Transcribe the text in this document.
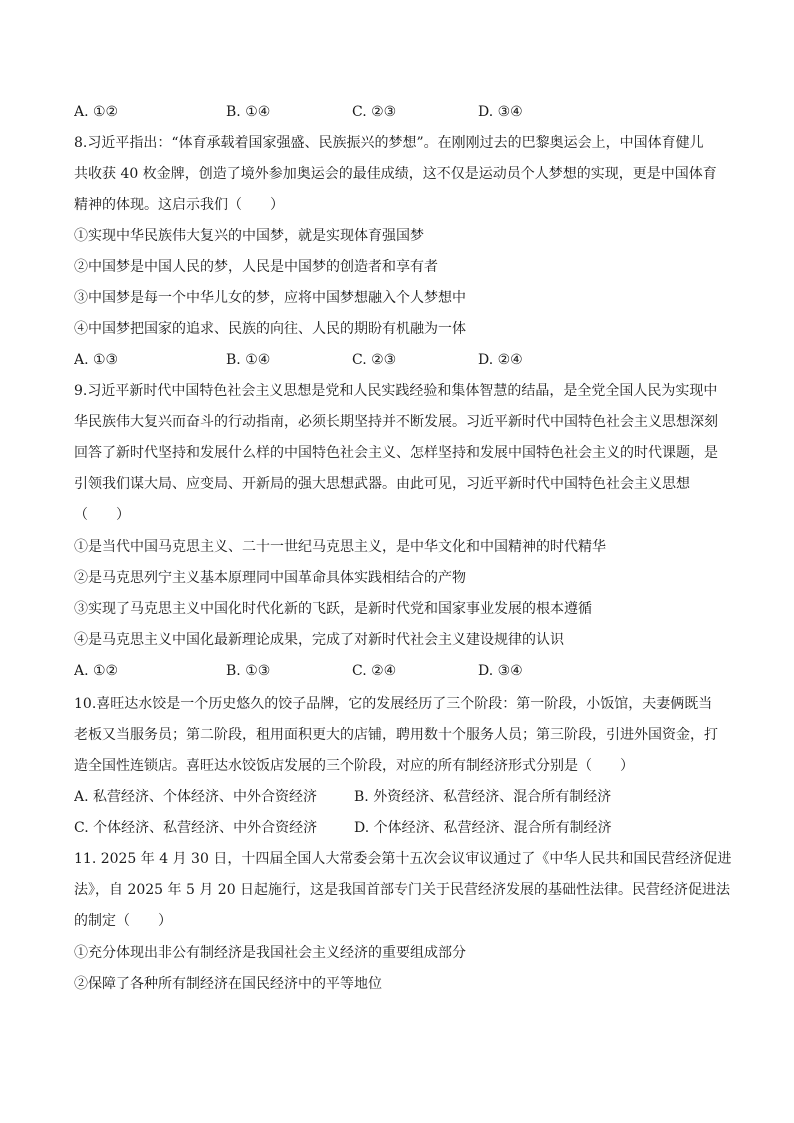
A. ①②	B. ①④	C. ②③	D. ③④
8.习近平指出：“体育承载着国家强盛、民族振兴的梦想”。在刚刚过去的巴黎奥运会上，中国体育健儿
共收获 40 枚金牌，创造了境外参加奥运会的最佳成绩，这不仅是运动员个人梦想的实现，更是中国体育
精神的体现。这启示我们（　　）
①实现中华民族伟大复兴的中国梦，就是实现体育强国梦
②中国梦是中国人民的梦，人民是中国梦的创造者和享有者
③中国梦是每一个中华儿女的梦，应将中国梦想融入个人梦想中
④中国梦把国家的追求、民族的向往、人民的期盼有机融为一体
A. ①③	B. ①④	C. ②③	D. ②④
9.习近平新时代中国特色社会主义思想是党和人民实践经验和集体智慧的结晶，是全党全国人民为实现中
华民族伟大复兴而奋斗的行动指南，必须长期坚持并不断发展。习近平新时代中国特色社会主义思想深刻
回答了新时代坚持和发展什么样的中国特色社会主义、怎样坚持和发展中国特色社会主义的时代课题，是
引领我们谋大局、应变局、开新局的强大思想武器。由此可见，习近平新时代中国特色社会主义思想
（　　）
①是当代中国马克思主义、二十一世纪马克思主义，是中华文化和中国精神的时代精华
②是马克思列宁主义基本原理同中国革命具体实践相结合的产物
③实现了马克思主义中国化时代化新的飞跃，是新时代党和国家事业发展的根本遵循
④是马克思主义中国化最新理论成果，完成了对新时代社会主义建设规律的认识
A. ①②	B. ①③	C. ②④	D. ③④
10.喜旺达水饺是一个历史悠久的饺子品牌，它的发展经历了三个阶段：第一阶段，小饭馆，夫妻俩既当
老板又当服务员；第二阶段，租用面积更大的店铺，聘用数十个服务人员；第三阶段，引进外国资金，打
造全国性连锁店。喜旺达水饺饭店发展的三个阶段，对应的所有制经济形式分别是（　　）
A. 私营经济、个体经济、中外合资经济	B. 外资经济、私营经济、混合所有制经济
C. 个体经济、私营经济、中外合资经济	D. 个体经济、私营经济、混合所有制经济
11. 2025 年 4 月 30 日，十四届全国人大常委会第十五次会议审议通过了《中华人民共和国民营经济促进
法》，自 2025 年 5 月 20 日起施行，这是我国首部专门关于民营经济发展的基础性法律。民营经济促进法
的制定（　　）
①充分体现出非公有制经济是我国社会主义经济的重要组成部分
②保障了各种所有制经济在国民经济中的平等地位
